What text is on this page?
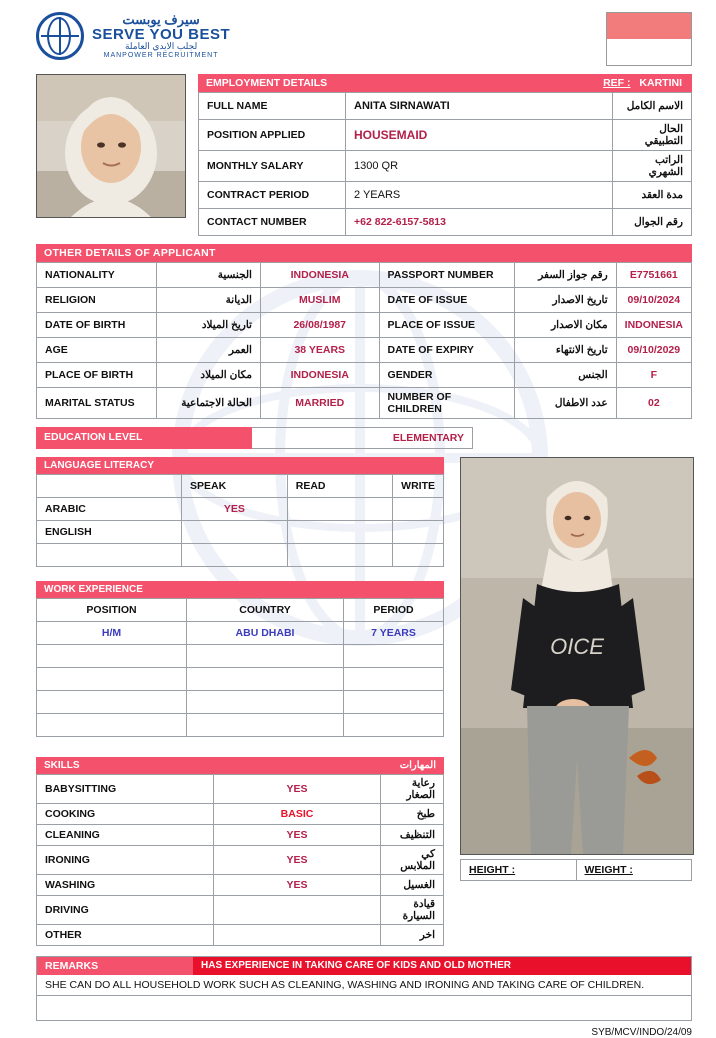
سيرف يوبست
SERVE YOU BEST
لجلب الايدي العاملة
MANPOWER RECRUITMENT
EMPLOYMENT DETAILS	REF : KARTINI
FULL NAME	ANITA SIRNAWATI	الاسم الكامل
POSITION APPLIED	HOUSEMAID	الحال التطبيقي
MONTHLY SALARY	1300 QR	الراتب الشهري
CONTRACT PERIOD	2 YEARS	مدة العقد
CONTACT NUMBER	+62 822-6157-5813	رقم الجوال
OTHER DETAILS OF APPLICANT
NATIONALITY	الجنسية	INDONESIA	PASSPORT NUMBER	رقم جواز السفر	E7751661
RELIGION	الديانة	MUSLIM	DATE OF ISSUE	تاريخ الاصدار	09/10/2024
DATE OF BIRTH	تاريخ الميلاد	26/08/1987	PLACE OF ISSUE	مكان الاصدار	INDONESIA
AGE	العمر	38 YEARS	DATE OF EXPIRY	تاريخ الانتهاء	09/10/2029
PLACE OF BIRTH	مكان الميلاد	INDONESIA	GENDER	الجنس	F
MARITAL STATUS	الحالة الاجتماعية	MARRIED	NUMBER OF CHILDREN	عدد الاطفال	02
EDUCATION LEVEL	ELEMENTARY
LANGUAGE LITERACY
	SPEAK	READ	WRITE
ARABIC	YES		
ENGLISH			

WORK EXPERIENCE
POSITION	COUNTRY	PERIOD
H/M	ABU DHABI	7 YEARS

SKILLS	المهارات
BABYSITTING	YES	رعاية الصغار
COOKING	BASIC	طبخ
CLEANING	YES	التنظيف
IRONING	YES	كي الملابس
WASHING	YES	الغسيل
DRIVING		قيادة السيارة
OTHER		اخر
OICE
HEIGHT :	WEIGHT :
REMARKS	HAS EXPERIENCE IN TAKING CARE OF KIDS AND OLD MOTHER
SHE CAN DO ALL HOUSEHOLD WORK SUCH AS CLEANING, WASHING AND IRONING AND TAKING CARE OF CHILDREN.
SYB/MCV/INDO/24/09
